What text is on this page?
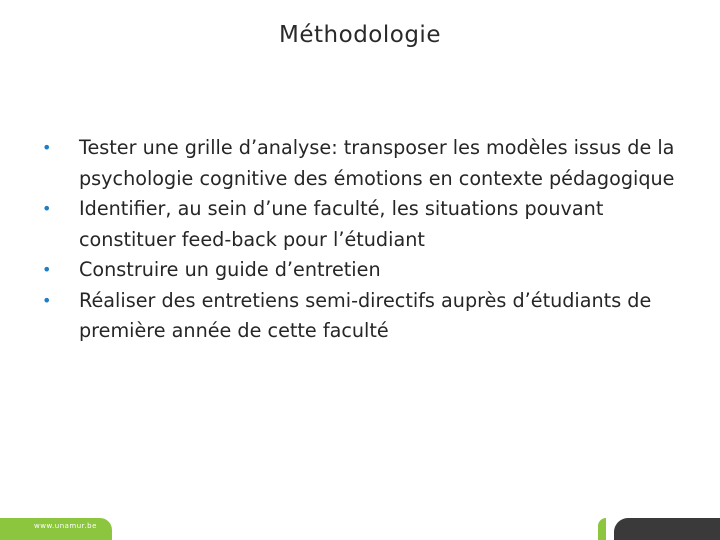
Méthodologie
• Tester une grille d’analyse: transposer les modèles issus de la psychologie cognitive des émotions en contexte pédagogique
• Identifier, au sein d’une faculté, les situations pouvant constituer feed-back pour l’étudiant
• Construire un guide d’entretien
• Réaliser des entretiens semi-directifs auprès d’étudiants de première année de cette faculté
www.unamur.be
